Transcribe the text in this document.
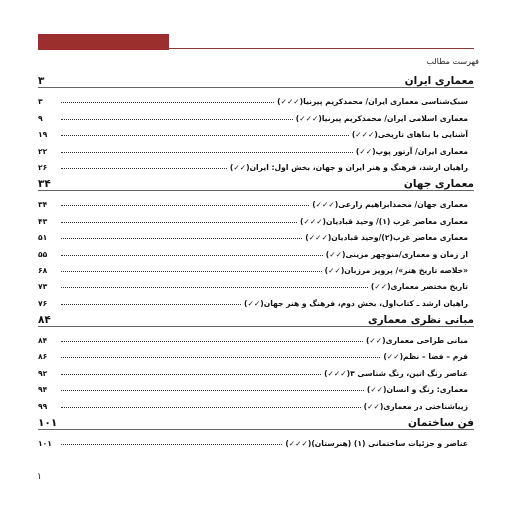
فهرست مطالب
معماری ایران
۳
سبک‌شناسی معماری ایران/ محمدکریم پیرنیا(✓✓✓)
۳
معماری اسلامی ایران/ محمدکریم پیرنیا(✓✓✓)
۹
آشنایی با بناهای تاریخی(✓✓✓)
۱۹
معماری ایران/ آرتور پوپ(✓✓)
۲۲
راهیان ارشد، فرهنگ و هنر ایران و جهان، بخش اول: ایران(✓✓)
۲۶
معماری جهان
۳۴
معماری جهان/ محمدابراهیم زارعی(✓✓✓)
۳۴
معماری معاصر غرب (۱)/ وحید قبادیان(✓✓✓)
۴۳
معماری معاصر غرب(۲)/وحید قبادیان(✓✓✓)
۵۱
از زمان و معماری/منوچهر مزینی(✓✓)
۵۵
«خلاصه تاریخ هنر»/ پرویز مرزبان(✓✓)
۶۸
تاریخ مختصر معماری(✓✓)
۷۳
راهیان ارشد ـ کتاب‌اول، بخش دوم، فرهنگ و هنر جهان(✓✓)
۷۶
مبانی نظری معماری
۸۴
مبانی طراحی معماری(✓✓)
۸۴
فرم – فضا – نظم(✓✓)
۸۶
عناصر رنگ اتین، رنگ شناسی ۳(✓✓✓)
۹۲
معماری: رنگ و انسان(✓✓)
۹۴
زیباشناختی در معماری(✓✓)
۹۹
فن ساختمان
۱۰۱
عناصر و جزئیات ساختمانی (۱) (هنرستان)(✓✓✓)
۱۰۱
۱
